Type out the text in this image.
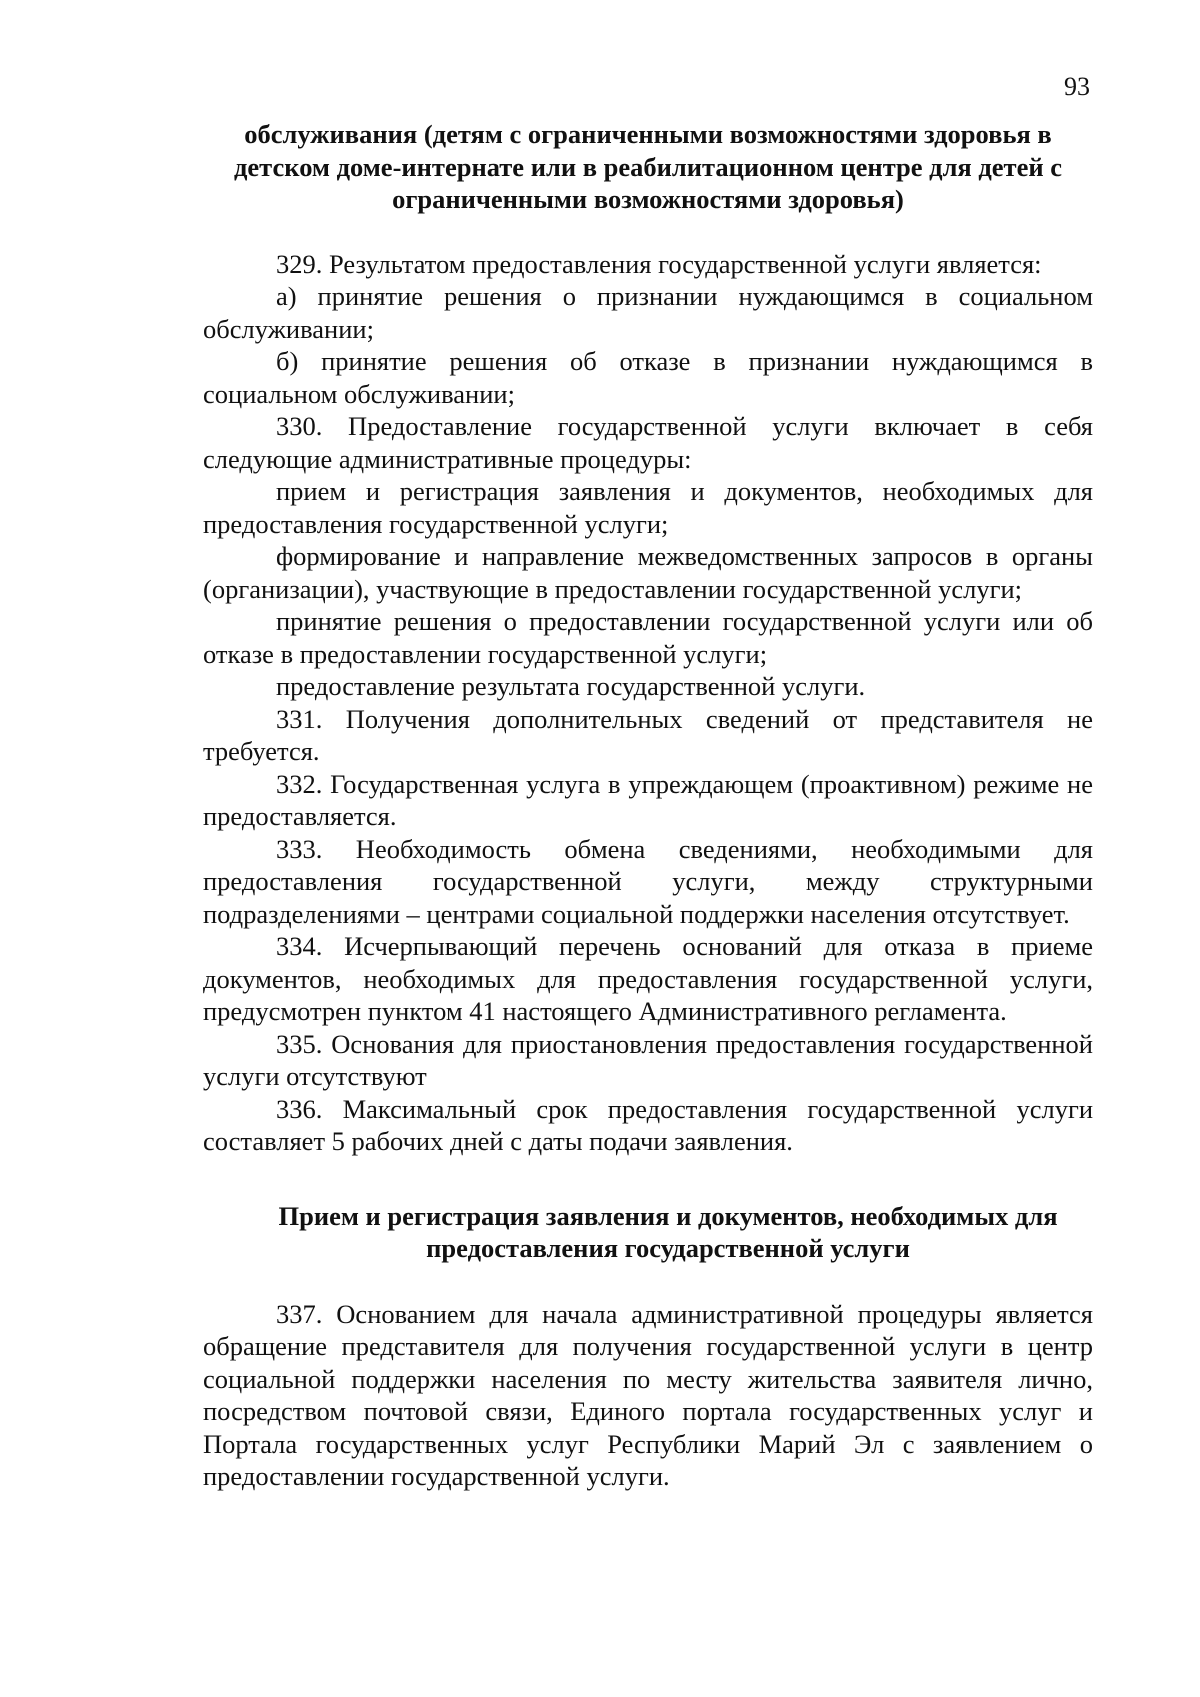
93

обслуживания (детям с ограниченными возможностями здоровья в детском доме-интернате или в реабилитационном центре для детей с ограниченными возможностями здоровья)

329. Результатом предоставления государственной услуги является:

а) принятие решения о признании нуждающимся в социальном обслуживании;

б) принятие решения об отказе в признании нуждающимся в социальном обслуживании;

330. Предоставление государственной услуги включает в себя следующие административные процедуры:

прием и регистрация заявления и документов, необходимых для предоставления государственной услуги;

формирование и направление межведомственных запросов в органы (организации), участвующие в предоставлении государственной услуги;

принятие решения о предоставлении государственной услуги или об отказе в предоставлении государственной услуги;

предоставление результата государственной услуги.

331. Получения дополнительных сведений от представителя не требуется.

332. Государственная услуга в упреждающем (проактивном) режиме не предоставляется.

333. Необходимость обмена сведениями, необходимыми для предоставления государственной услуги, между структурными подразделениями – центрами социальной поддержки населения отсутствует.

334. Исчерпывающий перечень оснований для отказа в приеме документов, необходимых для предоставления государственной услуги, предусмотрен пунктом 41 настоящего Административного регламента.

335. Основания для приостановления предоставления государственной услуги отсутствуют

336. Максимальный срок предоставления государственной услуги составляет 5 рабочих дней с даты подачи заявления.

Прием и регистрация заявления и документов, необходимых для предоставления государственной услуги

337. Основанием для начала административной процедуры является обращение представителя для получения государственной услуги в центр социальной поддержки населения по месту жительства заявителя лично, посредством почтовой связи, Единого портала государственных услуг и Портала государственных услуг Республики Марий Эл с заявлением о предоставлении государственной услуги.
